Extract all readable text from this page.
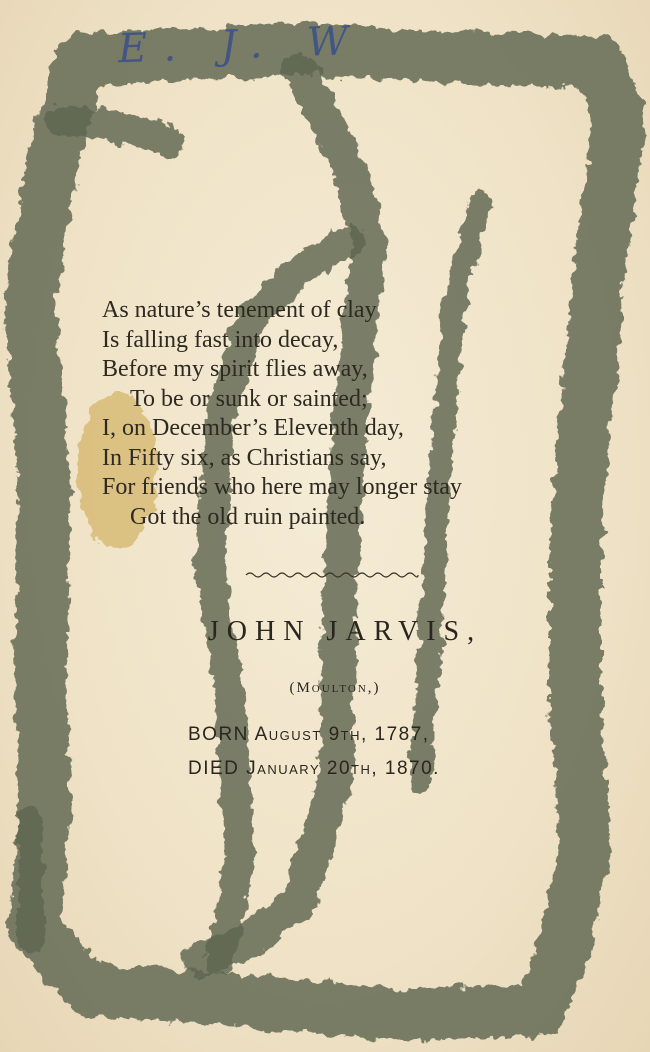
E. J. W
As nature’s tenement of clay
Is falling fast into decay,
Before my spirit flies away,
To be or sunk or sainted;
I, on December’s Eleventh day,
In Fifty six, as Christians say,
For friends who here may longer stay
Got the old ruin painted.
JOHN JARVIS,
(Moulton,)
BORN August 9th, 1787,
DIED January 20th, 1870.
